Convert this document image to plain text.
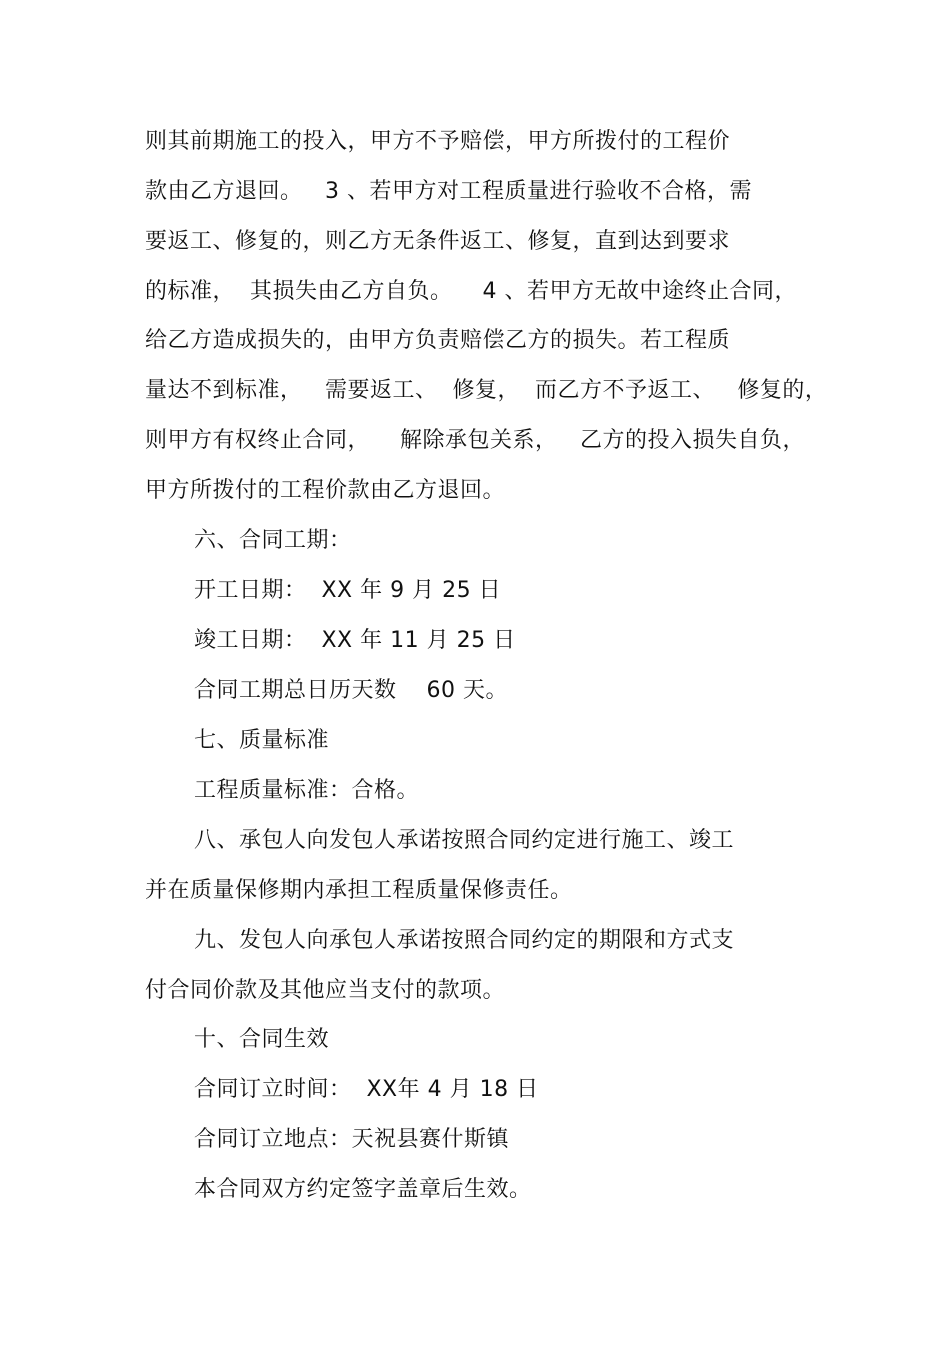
则其前期施工的投入，甲方不予赔偿，甲方所拨付的工程价
款由乙方退回。   3 、若甲方对工程质量进行验收不合格，需
要返工、修复的，则乙方无条件返工、修复，直到达到要求
的标准，  其损失由乙方自负。    4 、若甲方无故中途终止合同，
给乙方造成损失的，由甲方负责赔偿乙方的损失。若工程质
量达不到标准，   需要返工、  修复，  而乙方不予返工、   修复的，
则甲方有权终止合同，    解除承包关系，   乙方的投入损失自负，
甲方所拨付的工程价款由乙方退回。
六、合同工期：
开工日期：  XX 年 9 月 25 日
竣工日期：  XX 年 11 月 25 日
合同工期总日历天数    60 天。
七、质量标准
工程质量标准：合格。
八、承包人向发包人承诺按照合同约定进行施工、竣工
并在质量保修期内承担工程质量保修责任。
九、发包人向承包人承诺按照合同约定的期限和方式支
付合同价款及其他应当支付的款项。
十、合同生效
合同订立时间：  XX年 4 月 18 日
合同订立地点：天祝县赛什斯镇
本合同双方约定签字盖章后生效。
